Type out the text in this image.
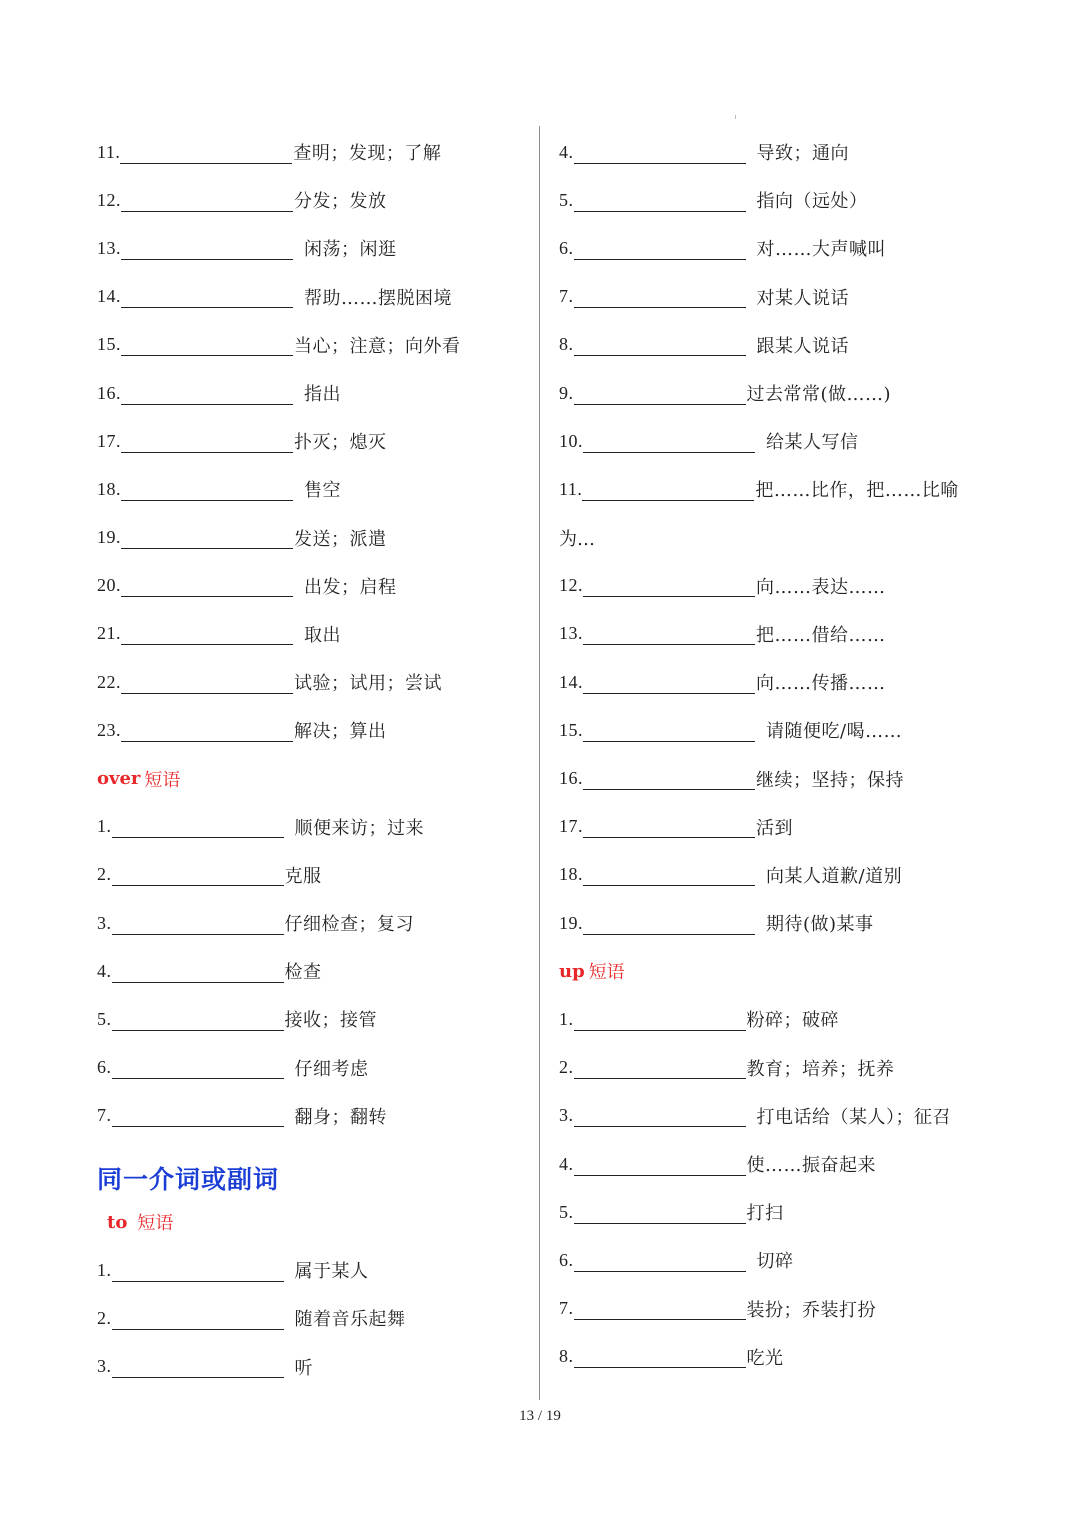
11.	查明；发现；了解
12.	分发；发放
13.	闲荡；闲逛
14.	帮助……摆脱困境
15.	当心；注意；向外看
16.	指出
17.	扑灭；熄灭
18.	售空
19.	发送；派遣
20.	出发；启程
21.	取出
22.	试验；试用；尝试
23.	解决；算出
over 短语
1.	顺便来访；过来
2.	克服
3.	仔细检查；复习
4.	检查
5.	接收；接管
6.	仔细考虑
7.	翻身；翻转
同一介词或副词
to 短语
1.	属于某人
2.	随着音乐起舞
3.	听
4.	导致；通向
5.	指向（远处）
6.	对……大声喊叫
7.	对某人说话
8.	跟某人说话
9.	过去常常(做……)
10.	给某人写信
11.	把……比作，把……比喻
为…
12.	向……表达……
13.	把……借给……
14.	向……传播……
15.	请随便吃/喝……
16.	继续；坚持；保持
17.	活到
18.	向某人道歉/道别
19.	期待(做)某事
up 短语
1.	粉碎；破碎
2.	教育；培养；抚养
3.	打电话给（某人）；征召
4.	使……振奋起来
5.	打扫
6.	切碎
7.	装扮；乔装打扮
8.	吃光
13 / 19
